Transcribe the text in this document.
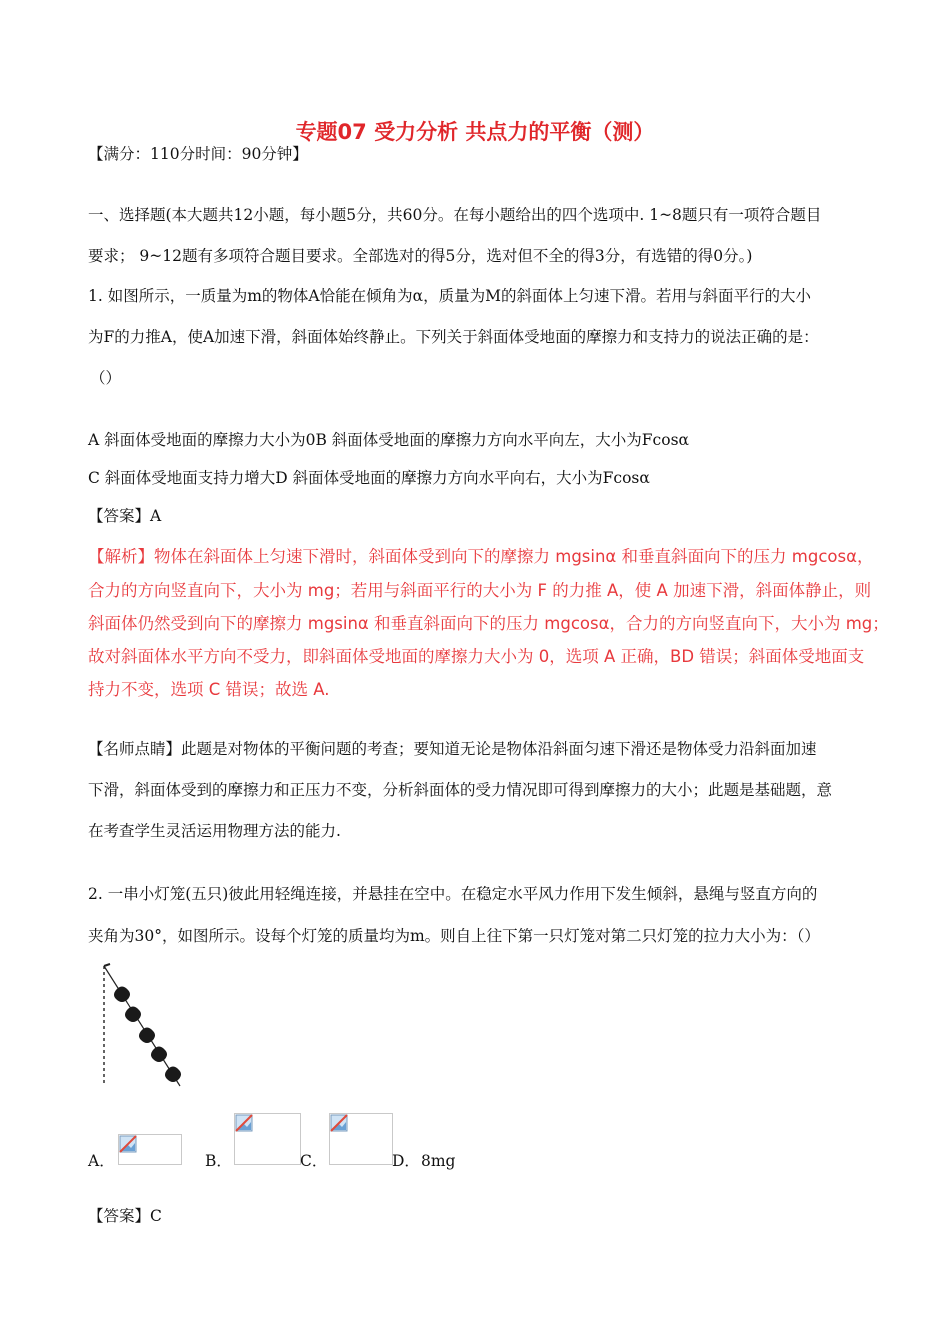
专题07 受力分析 共点力的平衡（测）
【满分：110分时间：90分钟】
一、选择题(本大题共12小题，每小题5分，共60分。在每小题给出的四个选项中. 1~8题只有一项符合题目
要求； 9~12题有多项符合题目要求。全部选对的得5分，选对但不全的得3分，有选错的得0分。)
1. 如图所示，一质量为m的物体A恰能在倾角为α，质量为M的斜面体上匀速下滑。若用与斜面平行的大小
为F的力推A，使A加速下滑，斜面体始终静止。下列关于斜面体受地面的摩擦力和支持力的说法正确的是：
（）
A 斜面体受地面的摩擦力大小为0B 斜面体受地面的摩擦力方向水平向左，大小为Fcosα
C 斜面体受地面支持力增大D 斜面体受地面的摩擦力方向水平向右，大小为Fcosα
【答案】A
【解析】物体在斜面体上匀速下滑时，斜面体受到向下的摩擦力 mgsinα 和垂直斜面向下的压力 mgcosα，
合力的方向竖直向下，大小为 mg；若用与斜面平行的大小为 F 的力推 A，使 A 加速下滑，斜面体静止，则
斜面体仍然受到向下的摩擦力 mgsinα 和垂直斜面向下的压力 mgcosα，合力的方向竖直向下，大小为 mg；
故对斜面体水平方向不受力，即斜面体受地面的摩擦力大小为 0，选项 A 正确，BD 错误；斜面体受地面支
持力不变，选项 C 错误；故选 A.
【名师点睛】此题是对物体的平衡问题的考查；要知道无论是物体沿斜面匀速下滑还是物体受力沿斜面加速
下滑，斜面体受到的摩擦力和正压力不变，分析斜面体的受力情况即可得到摩擦力的大小；此题是基础题，意
在考查学生灵活运用物理方法的能力.
2. 一串小灯笼(五只)彼此用轻绳连接，并悬挂在空中。在稳定水平风力作用下发生倾斜，悬绳与竖直方向的
夹角为30°，如图所示。设每个灯笼的质量均为m。则自上往下第一只灯笼对第二只灯笼的拉力大小为：（）
A．	B．	C．	D． 8mg
【答案】C
